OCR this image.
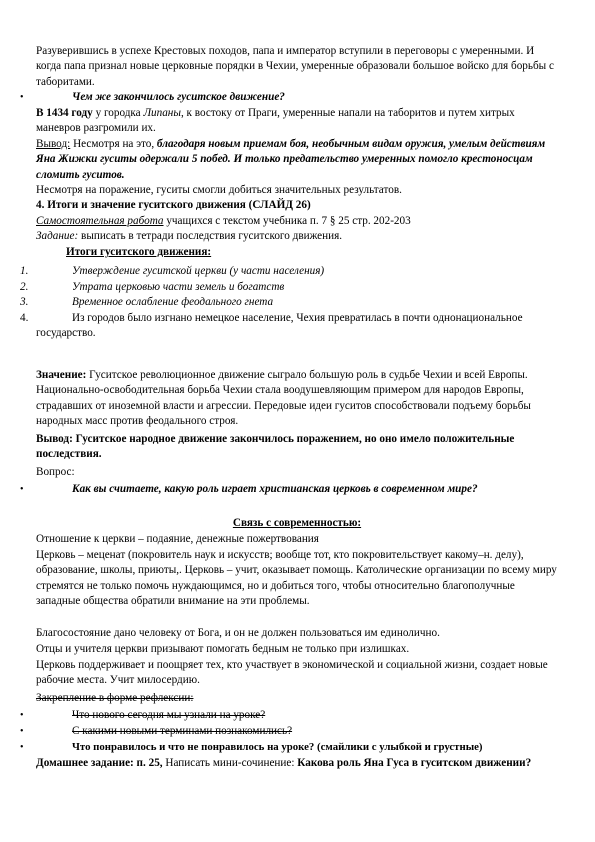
Разуверившись в успехе Крестовых походов, папа и император вступили в переговоры с умеренными. И когда папа признал новые церковные порядки в Чехии, умеренные образовали большое войско для борьбы с таборитами.

•	Чем же закончилось гуситское движение?

В 1434 году у городка Липаны, к востоку от Праги, умеренные напали на таборитов и путем хитрых маневров разгромили их.

Вывод: Несмотря на это, благодаря новым приемам боя, необычным видам оружия, умелым действиям Яна Жижки гуситы одержали 5 побед. И только предательство умеренных помогло крестоносцам сломить гуситов.

Несмотря на поражение, гуситы смогли добиться значительных результатов.

4. Итоги и значение гуситского движения (СЛАЙД 26)

Самостоятельная работа учащихся с текстом учебника п. 7 § 25 стр. 202-203

Задание: выписать в тетради последствия гуситского движения.

Итоги гуситского движения:

1.	Утверждение гуситской церкви (у части населения)

2.	Утрата церковью части земель и богатств

3.	Временное ослабление феодального гнета

4.	Из городов было изгнано немецкое население, Чехия превратилась в почти однонациональное государство.

Значение: Гуситское революционное движение сыграло большую роль в судьбе Чехии и всей Европы. Национально-освободительная борьба Чехии стала воодушевляющим примером для народов Европы, страдавших от иноземной власти и агрессии. Передовые идеи гуситов способствовали подъему борьбы народных масс против феодального строя.

Вывод: Гуситское народное движение закончилось поражением, но оно имело положительные последствия.

Вопрос:

•	Как вы считаете, какую роль играет христианская церковь в современном мире?

Связь с современностью:

Отношение к церкви – подаяние, денежные пожертвования

Церковь – меценат (покровитель наук и искусств; вообще тот, кто покровительствует какому–н. делу), образование, школы, приюты,. Церковь – учит, оказывает помощь. Католические организации по всему миру стремятся не только помочь нуждающимся, но и добиться того, чтобы относительно благополучные западные общества обратили внимание на эти проблемы.

Благосостояние дано человеку от Бога, и он не должен пользоваться им единолично.

Отцы и учителя церкви призывают помогать бедным не только при излишках.

Церковь поддерживает и поощряет тех, кто участвует в экономической и социальной жизни, создает новые рабочие места. Учит милосердию.

Закрепление в форме рефлексии:

•	Что нового сегодня мы узнали на уроке?

•	С какими новыми терминами познакомились?

•	Что понравилось и что не понравилось на уроке? (смайлики с улыбкой и грустные)

Домашнее задание: п. 25, Написать мини-сочинение: Какова роль Яна Гуса в гуситском движении?
